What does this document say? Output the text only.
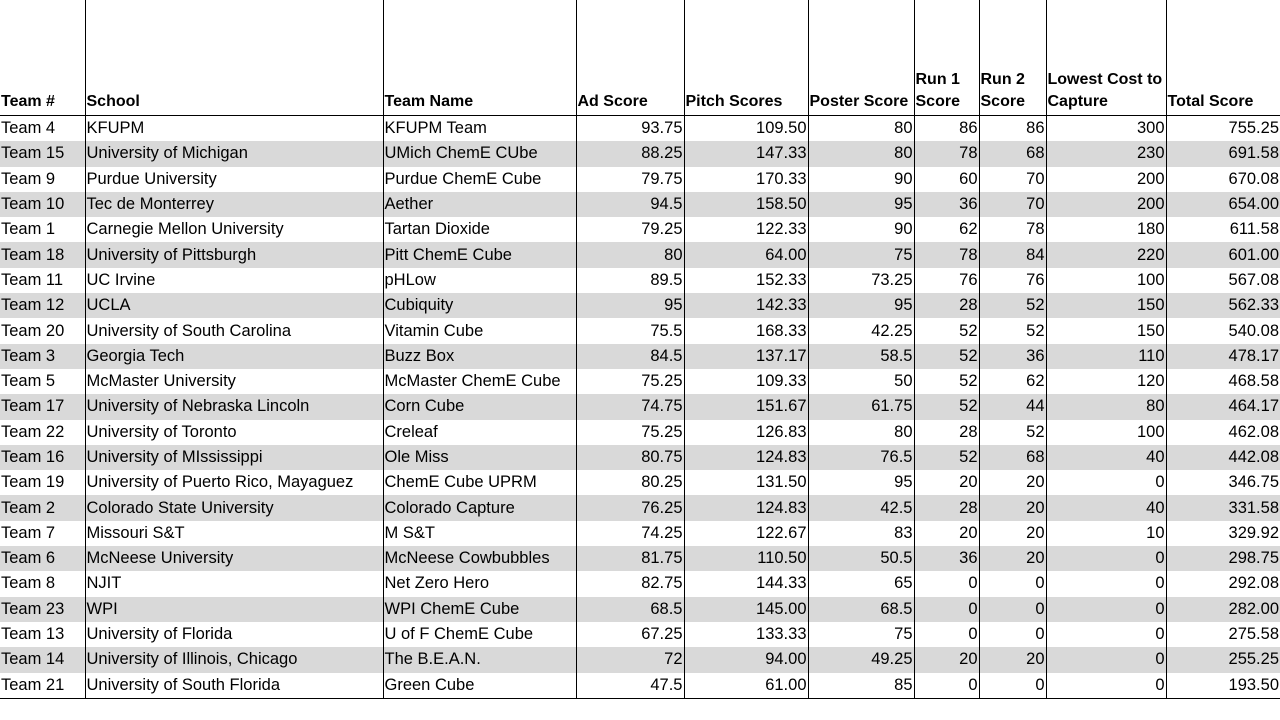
Team #	School	Team Name	Ad Score	Pitch Scores	Poster Score	Run 1 Score	Run 2 Score	Lowest Cost to Capture	Total Score
Team 4	KFUPM	KFUPM Team	93.75	109.50	80	86	86	300	755.25
Team 15	University of Michigan	UMich ChemE CUbe	88.25	147.33	80	78	68	230	691.58
Team 9	Purdue University	Purdue ChemE Cube	79.75	170.33	90	60	70	200	670.08
Team 10	Tec de Monterrey	Aether	94.5	158.50	95	36	70	200	654.00
Team 1	Carnegie Mellon University	Tartan Dioxide	79.25	122.33	90	62	78	180	611.58
Team 18	University of Pittsburgh	Pitt ChemE Cube	80	64.00	75	78	84	220	601.00
Team 11	UC Irvine	pHLow	89.5	152.33	73.25	76	76	100	567.08
Team 12	UCLA	Cubiquity	95	142.33	95	28	52	150	562.33
Team 20	University of South Carolina	Vitamin Cube	75.5	168.33	42.25	52	52	150	540.08
Team 3	Georgia Tech	Buzz Box	84.5	137.17	58.5	52	36	110	478.17
Team 5	McMaster University	McMaster ChemE Cube	75.25	109.33	50	52	62	120	468.58
Team 17	University of Nebraska Lincoln	Corn Cube	74.75	151.67	61.75	52	44	80	464.17
Team 22	University of Toronto	Creleaf	75.25	126.83	80	28	52	100	462.08
Team 16	University of MIssissippi	Ole Miss	80.75	124.83	76.5	52	68	40	442.08
Team 19	University of Puerto Rico, Mayaguez	ChemE Cube UPRM	80.25	131.50	95	20	20	0	346.75
Team 2	Colorado State University	Colorado Capture	76.25	124.83	42.5	28	20	40	331.58
Team 7	Missouri S&T	M S&T	74.25	122.67	83	20	20	10	329.92
Team 6	McNeese University	McNeese Cowbubbles	81.75	110.50	50.5	36	20	0	298.75
Team 8	NJIT	Net Zero Hero	82.75	144.33	65	0	0	0	292.08
Team 23	WPI	WPI ChemE Cube	68.5	145.00	68.5	0	0	0	282.00
Team 13	University of Florida	U of F ChemE Cube	67.25	133.33	75	0	0	0	275.58
Team 14	University of Illinois, Chicago	The B.E.A.N.	72	94.00	49.25	20	20	0	255.25
Team 21	University of South Florida	Green Cube	47.5	61.00	85	0	0	0	193.50
